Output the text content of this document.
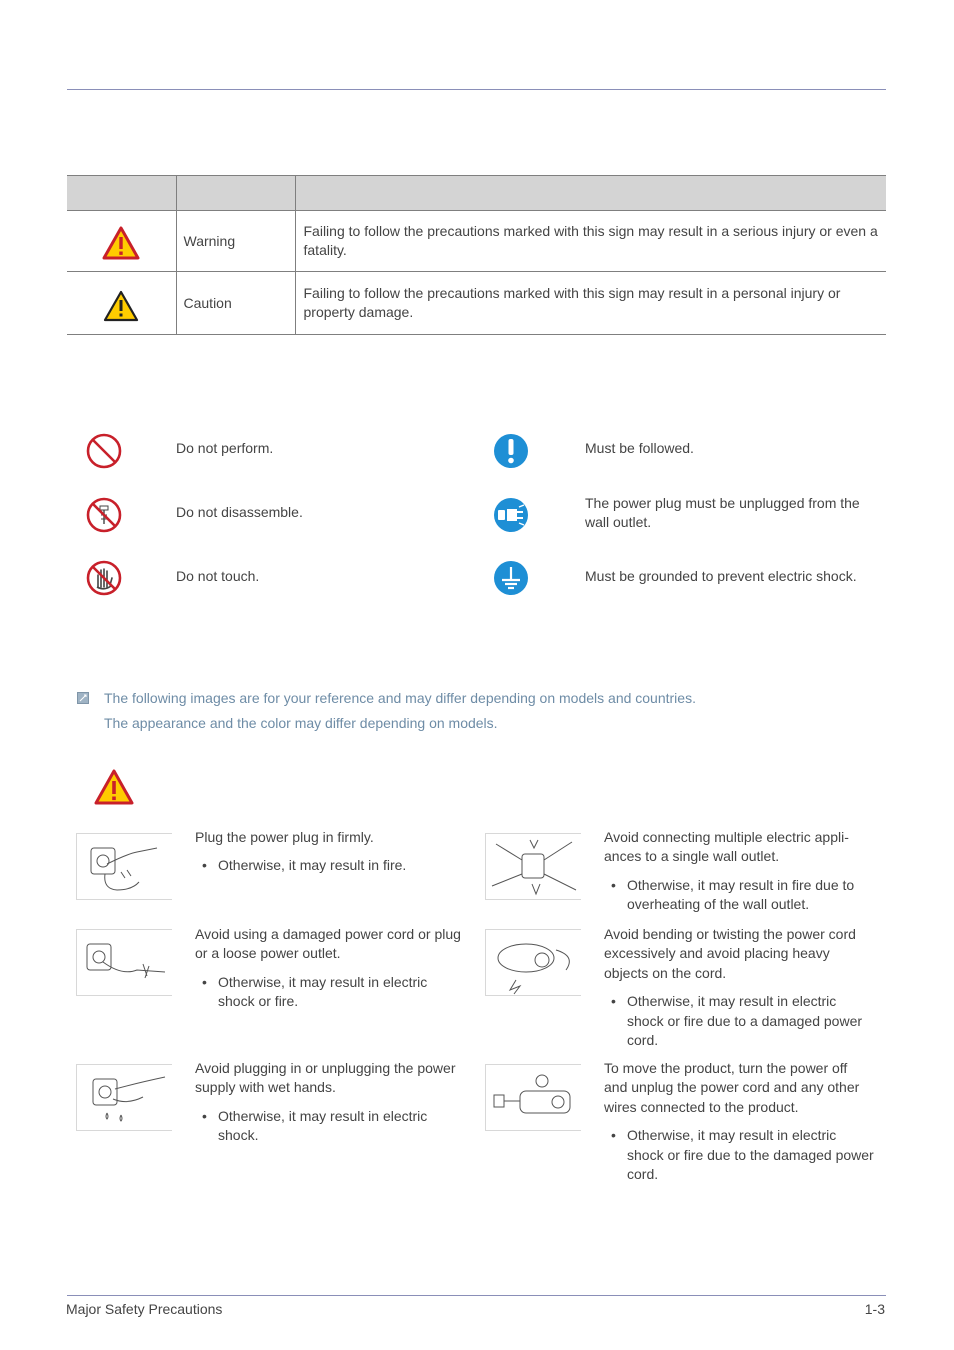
	Warning	Failing to follow the precautions marked with this sign may result in a serious injury or even a fatality.
	Caution	Failing to follow the precautions marked with this sign may result in a personal injury or property damage.
Do not perform.
Do not disassemble.
Do not touch.
Must be followed.
The power plug must be unplugged from the wall outlet.
Must be grounded to prevent electric shock.
The following images are for your reference and may differ depending on models and countries.
The appearance and the color may differ depending on models.
Plug the power plug in firmly.
• Otherwise, it may result in fire.
Avoid using a damaged power cord or plug or a loose power outlet.
• Otherwise, it may result in electric shock or fire.
Avoid plugging in or unplugging the power supply with wet hands.
• Otherwise, it may result in electric shock.
Avoid connecting multiple electric appli-ances to a single wall outlet.
• Otherwise, it may result in fire due to overheating of the wall outlet.
Avoid bending or twisting the power cord excessively and avoid placing heavy objects on the cord.
• Otherwise, it may result in electric shock or fire due to a damaged power cord.
To move the product, turn the power off and unplug the power cord and any other wires connected to the product.
• Otherwise, it may result in electric shock or fire due to the damaged power cord.
Major Safety Precautions	1-3
